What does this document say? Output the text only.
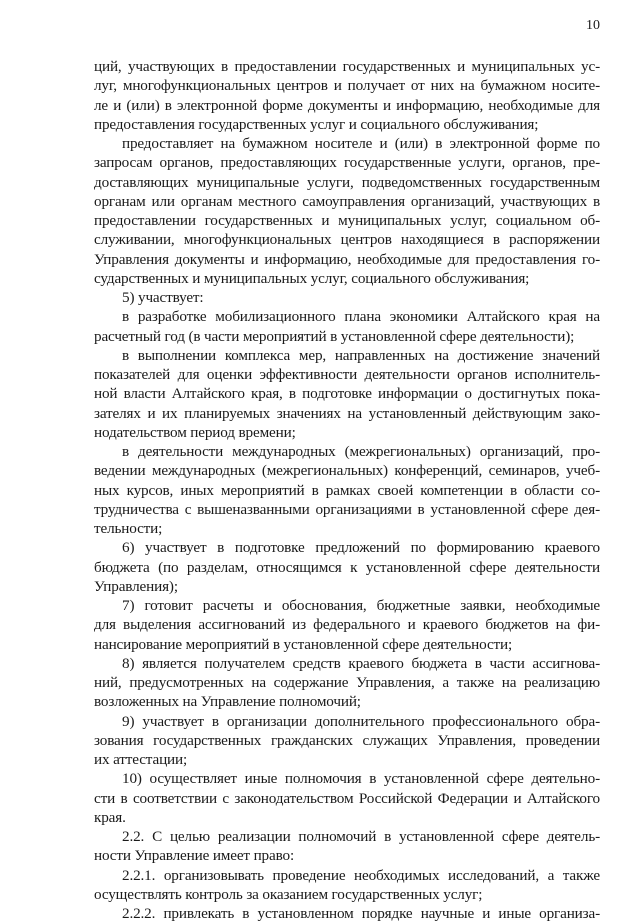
10
ций, участвующих в предоставлении государственных и муниципальных ус-
луг, многофункциональных центров и получает от них на бумажном носите-
ле и (или) в электронной форме документы и информацию, необходимые для
предоставления государственных услуг и социального обслуживания;
предоставляет на бумажном носителе и (или) в электронной форме по
запросам органов, предоставляющих государственные услуги, органов, пре-
доставляющих муниципальные услуги, подведомственных государственным
органам или органам местного самоуправления организаций, участвующих в
предоставлении государственных и муниципальных услуг, социальном об-
служивании, многофункциональных центров находящиеся в распоряжении
Управления документы и информацию, необходимые для предоставления го-
сударственных и муниципальных услуг, социального обслуживания;
5) участвует:
в разработке мобилизационного плана экономики Алтайского края на
расчетный год (в части мероприятий в установленной сфере деятельности);
в выполнении комплекса мер, направленных на достижение значений
показателей для оценки эффективности деятельности органов исполнитель-
ной власти Алтайского края, в подготовке информации о достигнутых пока-
зателях и их планируемых значениях на установленный действующим зако-
нодательством период времени;
в деятельности международных (межрегиональных) организаций, про-
ведении международных (межрегиональных) конференций, семинаров, учеб-
ных курсов, иных мероприятий в рамках своей компетенции в области со-
трудничества с вышеназванными организациями в установленной сфере дея-
тельности;
6) участвует в подготовке предложений по формированию краевого
бюджета (по разделам, относящимся к установленной сфере деятельности
Управления);
7) готовит расчеты и обоснования, бюджетные заявки, необходимые
для выделения ассигнований из федерального и краевого бюджетов на фи-
нансирование мероприятий в установленной сфере деятельности;
8) является получателем средств краевого бюджета в части ассигнова-
ний, предусмотренных на содержание Управления, а также на реализацию
возложенных на Управление полномочий;
9) участвует в организации дополнительного профессионального обра-
зования государственных гражданских служащих Управления, проведении
их аттестации;
10) осуществляет иные полномочия в установленной сфере деятельно-
сти в соответствии с законодательством Российской Федерации и Алтайского
края.
2.2. С целью реализации полномочий в установленной сфере деятель-
ности Управление имеет право:
2.2.1. организовывать проведение необходимых исследований, а также
осуществлять контроль за оказанием государственных услуг;
2.2.2. привлекать в установленном порядке научные и иные организа-
